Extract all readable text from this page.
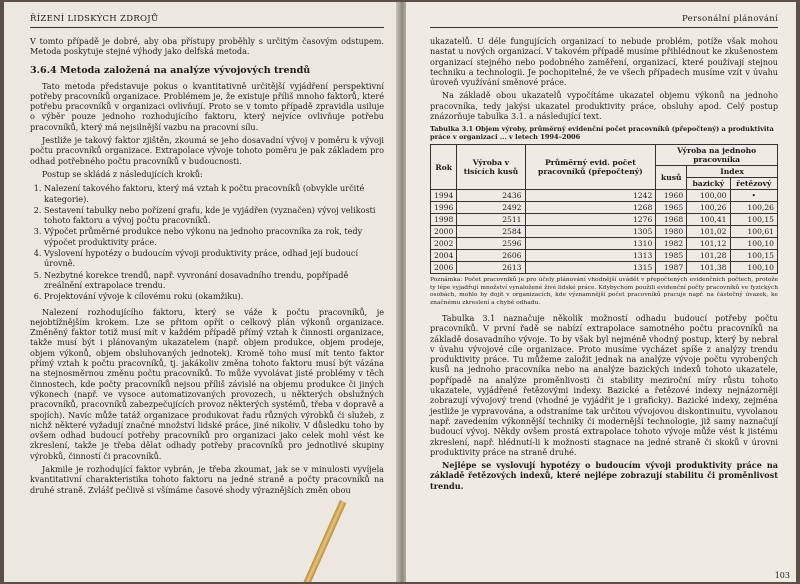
ŘÍZENÍ LIDSKÝCH ZDROJŮ

V tomto případě je dobré, aby oba přístupy proběhly s určitým časovým odstupem. Metoda poskytuje stejné výhody jako delfská metoda.

3.6.4 Metoda založená na analýze vývojových trendů

Tato metoda představuje pokus o kvantitativně určitější vyjádření perspektivní potřeby pracovníků organizace. Problémem je, že existuje příliš mnoho faktorů, které potřebu pracovníků v organizaci ovlivňují. Proto se v tomto případě zpravidla usiluje o výběr pouze jednoho rozhodujícího faktoru, který nejvíce ovlivňuje potřebu pracovníků, který má nejsilnější vazbu na pracovní sílu.

Jestliže je takový faktor zjištěn, zkoumá se jeho dosavadní vývoj v poměru k vývoji počtu pracovníků organizace. Extrapolace vývoje tohoto poměru je pak základem pro odhad potřebného počtu pracovníků v budoucnosti.

Postup se skládá z následujících kroků:

1. Nalezení takového faktoru, který má vztah k počtu pracovníků (obvykle určité kategorie).
2. Sestavení tabulky nebo pořízení grafu, kde je vyjádřen (vyznačen) vývoj velikosti tohoto faktoru a vývoj počtu pracovníků.
3. Výpočet průměrné produkce nebo výkonu na jednoho pracovníka za rok, tedy výpočet produktivity práce.
4. Vyslovení hypotézy o budoucím vývoji produktivity práce, odhad její budoucí úrovně.
5. Nezbytné korekce trendů, např. vyvronání dosavadního trendu, popřípadě zreálnění extrapolace trendu.
6. Projektování vývoje k cílovému roku (okamžiku).

Nalezení rozhodujícího faktoru, který se váže k počtu pracovníků, je nejobtížnějším krokem. Lze se přitom opřít o celkový plán výkonů organizace. Změněný faktor totiž musí mít v každém případě přímý vztah k činnosti organizace, takže musí být i plánovaným ukazatelem (např. objem produkce, objem prodeje, objem výkonů, objem obsluhovaných jednotek). Kromě toho musí mít tento faktor přímý vztah k počtu pracovníků, tj. jakákoliv změna tohoto faktoru musí být vázána na stejnosměrnou změnu počtu pracovníků. To může vyvolávat jisté problémy v těch činnostech, kde počty pracovníků nejsou příliš závislé na objemu produkce či jiných výkonech (např. ve vysoce automatizovaných provozech, u některých obslužných pracovníků, pracovníků zabezpečujících provoz některých systémů, třeba v dopravě a spojích). Navíc může tatáž organizace produkovat řadu různých výrobků či služeb, z nichž některé vyžadují značné množství lidské práce, jiné nikoliv. V důsledku toho by ovšem odhad budoucí potřeby pracovníků pro organizaci jako celek mohl vést ke zkreslení, takže je třeba dělat odhady potřeby pracovníků pro jednotlivé skupiny výrobků, činností či pracovníků.

Jakmile je rozhodující faktor vybrán, je třeba zkoumat, jak se v minulosti vyvíjela kvantitativní charakteristika tohoto faktoru na jedné straně a počty pracovníků na druhé straně. Zvlášť pečlivě si všímáme časové shody výraznějších změn obou

Personální plánování

ukazatelů. U déle fungujících organizací to nebude problém, potíže však mohou nastat u nových organizací. V takovém případě musíme přihlédnout ke zkušenostem organizací stejného nebo podobného zaměření, organizací, které používají stejnou techniku a technologii. Je pochopitelné, že ve všech případech musíme vzít v úvahu úroveň využívání směnové práce.

Na základě obou ukazatelů vypočítáme ukazatel objemu výkonů na jednoho pracovníka, tedy jakýsi ukazatel produktivity práce, obsluhy apod. Celý postup znázorňuje tabulka 3.1. a následující text.

Tabulka 3.1 Objem výroby, průměrný evidenční počet pracovníků (přepočtený) a produktivita práce v organizaci ... v letech 1994–2006
Rok	Výroba v tisících kusů	Průměrný evid. počet pracovníků (přepočtený)	Výroba na jednoho pracovníka		
			kusů	Index	
				bazický	řetězový
1994	2436	1242	1960	100,00	•
1996	2492	1268	1965	100,26	100,26
1998	2511	1276	1968	100,41	100,15
2000	2584	1305	1980	101,02	100,61
2002	2596	1310	1982	101,12	100,10
2004	2606	1313	1985	101,28	100,15
2006	2613	1315	1987	101,38	100,10
Poznámka: Počet pracovníků je pro účely plánování vhodnější uvádět v přepočtených evidenčních počtech, protože ty lépe vyjadřují množství vynaložené živé lidské práce. Kdybychom použili evidenční počty pracovníků ve fyzických osobách, mohlo by dojít v organizacích, kde významnější počet pracovníků pracuje např. na částečný úvazek, ke značnému zkreslení a chybě odhadu.

Tabulka 3.1 naznačuje několik možností odhadu budoucí potřeby počtu pracovníků. V první řadě se nabízí extrapolace samotného počtu pracovníků na základě dosavadního vývoje. To by však byl nejméně vhodný postup, který by nebral v úvahu vývojové cíle organizace. Proto musíme vycházet spíše z analýzy trendu produktivity práce. Tu můžeme založit jednak na analýze vývoje počtu vyrobených kusů na jednoho pracovníka nebo na analýze bazických indexů tohoto ukazatele, popřípadě na analýze proměnlivosti či stability meziroční míry růstu tohoto ukazatele, vyjádřené řetězovými indexy. Bazické a řetězové indexy nejnázorněji zobrazují vývojový trend (vhodné je vyjádřit je i graficky). Bazické indexy, zejména jestliže je vypravována, a odstraníme tak určitou vývojovou diskontinuitu, vyvolanou např. zavedením výkonnější techniky či modernější technologie, již samy naznačují budoucí vývoj. Někdy ovšem prostá extrapolace tohoto vývoje může vést k jistému zkreslení, např. hlédnutí-li k možnosti stagnace na jedné straně či skoků v úrovni produktivity práce na straně druhé.

Nejlépe se vyslovují hypotézy o budoucím vývoji produktivity práce na základě řetězových indexů, které nejlépe zobrazují stabilitu či proměnlivost trendu.

103
